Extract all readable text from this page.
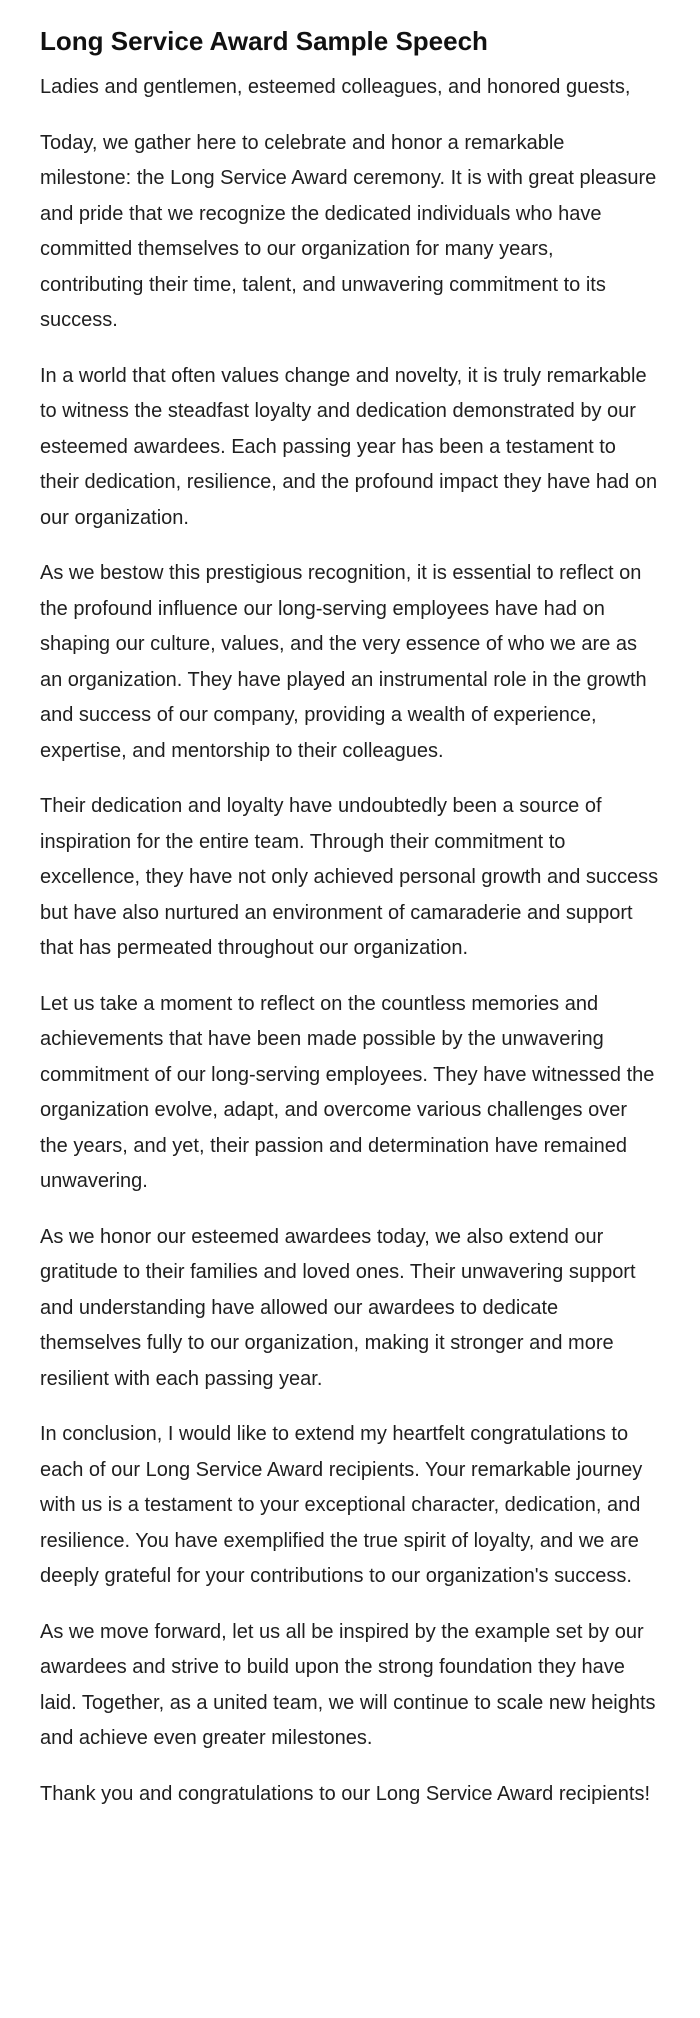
Long Service Award Sample Speech

Ladies and gentlemen, esteemed colleagues, and honored guests,

Today, we gather here to celebrate and honor a remarkable milestone: the Long Service Award ceremony. It is with great pleasure and pride that we recognize the dedicated individuals who have committed themselves to our organization for many years, contributing their time, talent, and unwavering commitment to its success.

In a world that often values change and novelty, it is truly remarkable to witness the steadfast loyalty and dedication demonstrated by our esteemed awardees. Each passing year has been a testament to their dedication, resilience, and the profound impact they have had on our organization.

As we bestow this prestigious recognition, it is essential to reflect on the profound influence our long-serving employees have had on shaping our culture, values, and the very essence of who we are as an organization. They have played an instrumental role in the growth and success of our company, providing a wealth of experience, expertise, and mentorship to their colleagues.

Their dedication and loyalty have undoubtedly been a source of inspiration for the entire team. Through their commitment to excellence, they have not only achieved personal growth and success but have also nurtured an environment of camaraderie and support that has permeated throughout our organization.

Let us take a moment to reflect on the countless memories and achievements that have been made possible by the unwavering commitment of our long-serving employees. They have witnessed the organization evolve, adapt, and overcome various challenges over the years, and yet, their passion and determination have remained unwavering.

As we honor our esteemed awardees today, we also extend our gratitude to their families and loved ones. Their unwavering support and understanding have allowed our awardees to dedicate themselves fully to our organization, making it stronger and more resilient with each passing year.

In conclusion, I would like to extend my heartfelt congratulations to each of our Long Service Award recipients. Your remarkable journey with us is a testament to your exceptional character, dedication, and resilience. You have exemplified the true spirit of loyalty, and we are deeply grateful for your contributions to our organization's success.

As we move forward, let us all be inspired by the example set by our awardees and strive to build upon the strong foundation they have laid. Together, as a united team, we will continue to scale new heights and achieve even greater milestones.

Thank you and congratulations to our Long Service Award recipients!
